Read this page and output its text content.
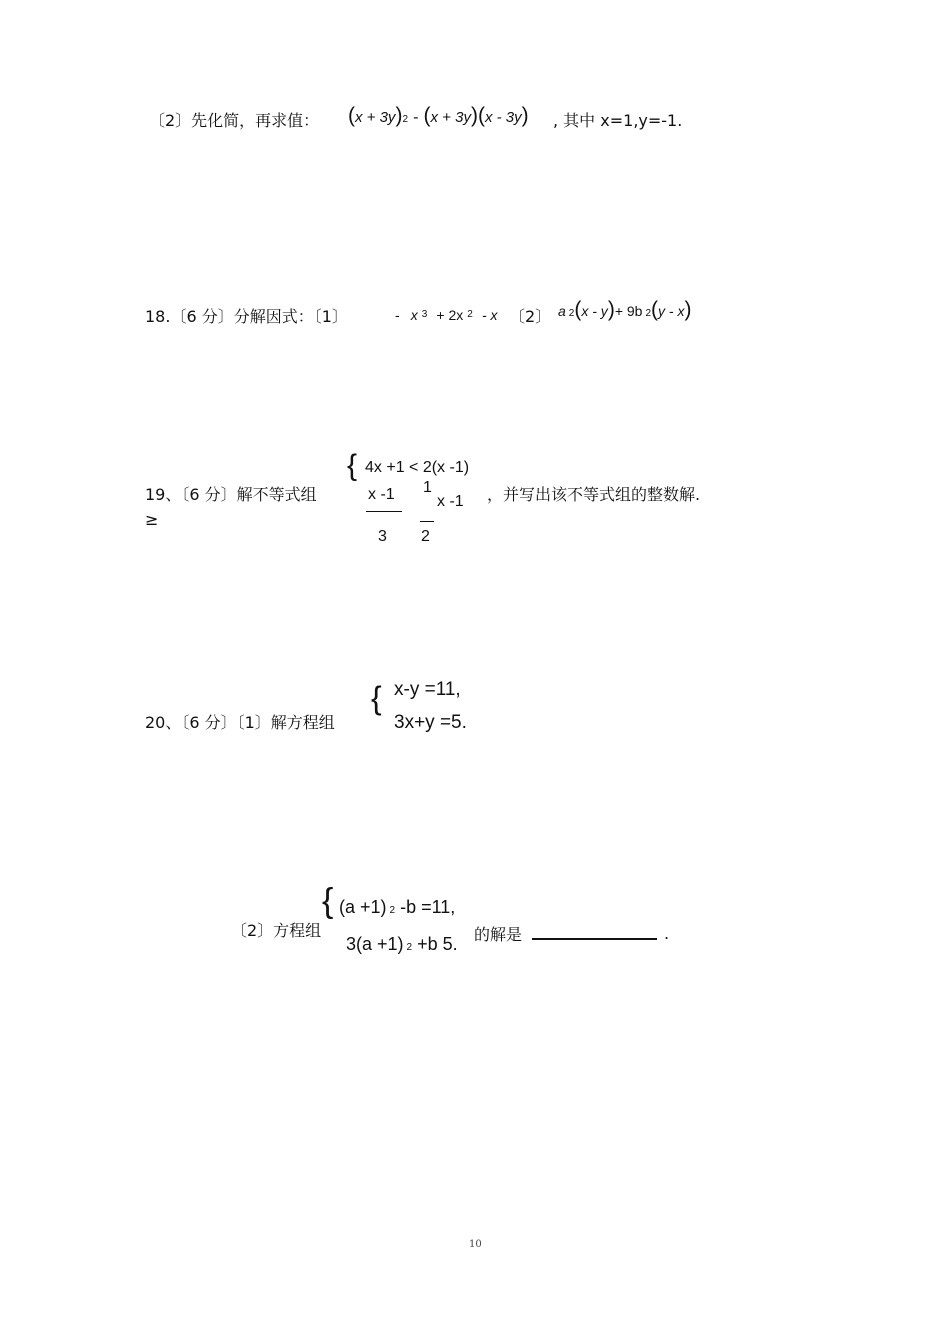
〔2〕先化简，再求值： (x + 3y)2 - (x + 3y)(x - 3y) , 其中 x=1,y=-1.
18.〔6 分〕分解因式：〔1〕	- x $^3$ + 2x $^2$ - x 〔2〕 a 2(x - y)+ 9b 2(y - x)
19、〔6 分〕解不等式组
{ 4x +1 < 2(x -1)
x -1
3
1
2
x -1
≥
，并写出该不等式组的整数解.
20、〔6 分〕〔1〕解方程组
{ x-y =11,
3x+y =5.
〔2〕方程组
{ (a +1) 2 -b =11,
3(a +1) 2 +b 5. 的解是	.
10
